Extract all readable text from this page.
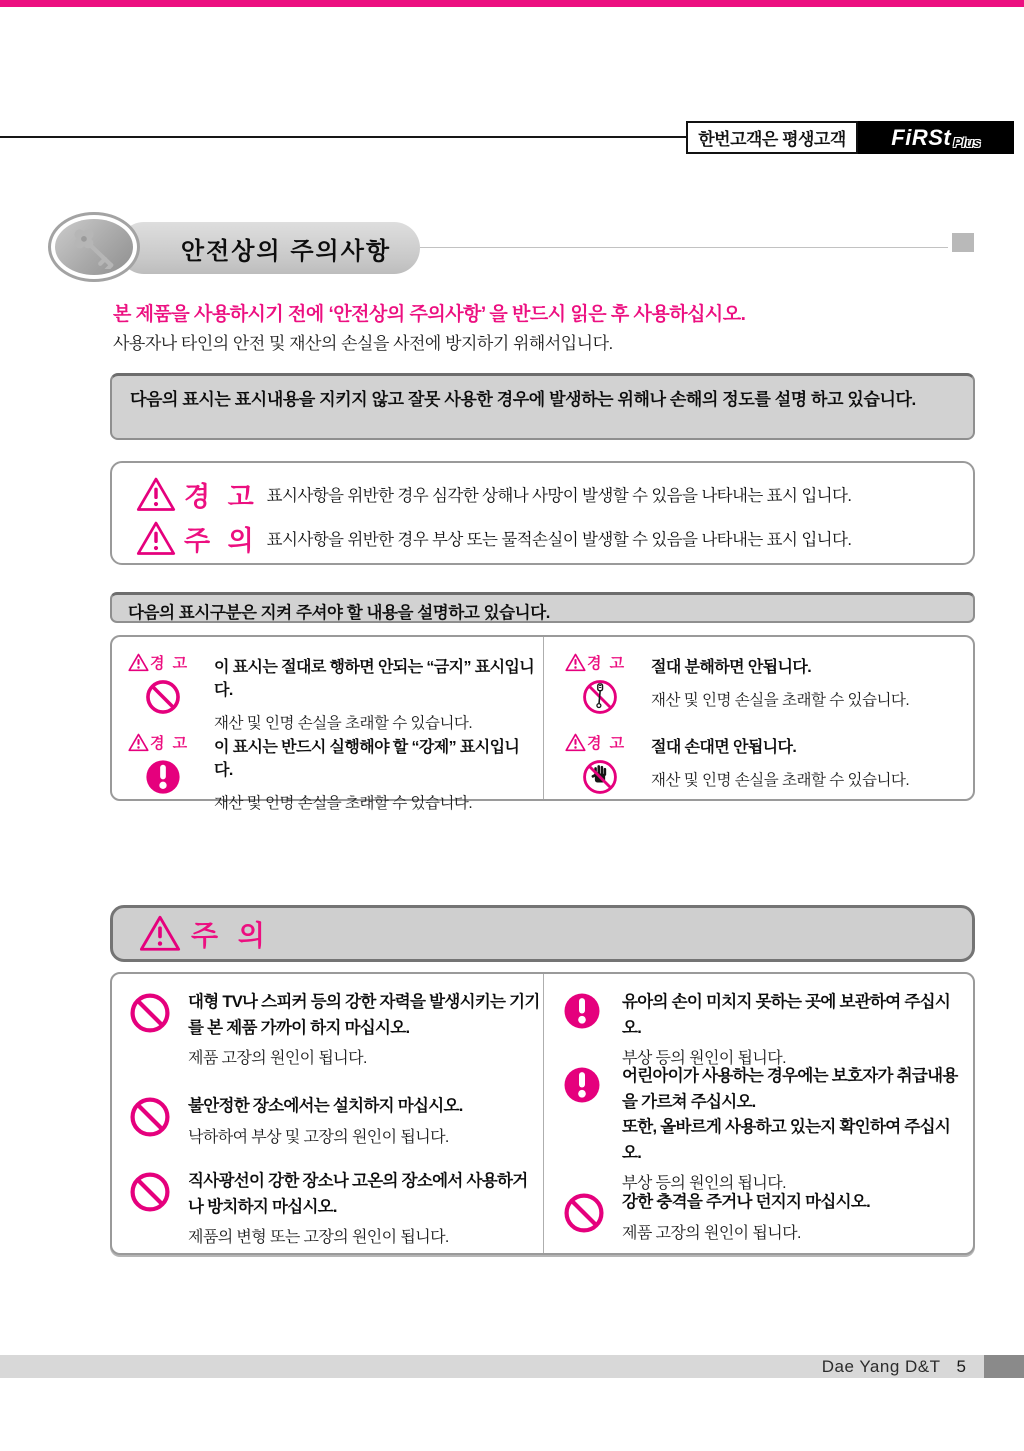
한번고객은 평생고객 FiRSt Plus
안전상의 주의사항
본 제품을 사용하시기 전에 ‘안전상의 주의사항’ 을 반드시 읽은 후 사용하십시오.
사용자나 타인의 안전 및 재산의 손실을 사전에 방지하기 위해서입니다.
다음의 표시는 표시내용을 지키지 않고 잘못 사용한 경우에 발생하는 위해나 손해의 정도를 설명 하고 있습니다.
경 고 표시사항을 위반한 경우 심각한 상해나 사망이 발생할 수 있음을 나타내는 표시 입니다.
주 의 표시사항을 위반한 경우 부상 또는 물적손실이 발생할 수 있음을 나타내는 표시 입니다.
다음의 표시구분은 지켜 주셔야 할 내용을 설명하고 있습니다.
경 고 이 표시는 절대로 행하면 안되는 “금지” 표시입니다.
재산 및 인명 손실을 초래할 수 있습니다.
경 고 이 표시는 반드시 실행해야 할 “강제” 표시입니다.
재산 및 인명 손실을 초래할 수 있습니다.
경 고 절대 분해하면 안됩니다.
재산 및 인명 손실을 초래할 수 있습니다.
경 고 절대 손대면 안됩니다.
재산 및 인명 손실을 초래할 수 있습니다.
주 의
대형 TV나 스피커 등의 강한 자력을 발생시키는 기기를 본 제품 가까이 하지 마십시오.
제품 고장의 원인이 됩니다.
불안정한 장소에서는 설치하지 마십시오.
낙하하여 부상 및 고장의 원인이 됩니다.
직사광선이 강한 장소나 고온의 장소에서 사용하거 나 방치하지 마십시오.
제품의 변형 또는 고장의 원인이 됩니다.
유아의 손이 미치지 못하는 곳에 보관하여 주십시오.
부상 등의 원인이 됩니다.
어린아이가 사용하는 경우에는 보호자가 취급내용을 가르쳐 주십시오.
또한, 올바르게 사용하고 있는지 확인하여 주십시오.
부상 등의 원인의 됩니다.
강한 충격을 주거나 던지지 마십시오.
제품 고장의 원인이 됩니다.
Dae Yang D&T 5
